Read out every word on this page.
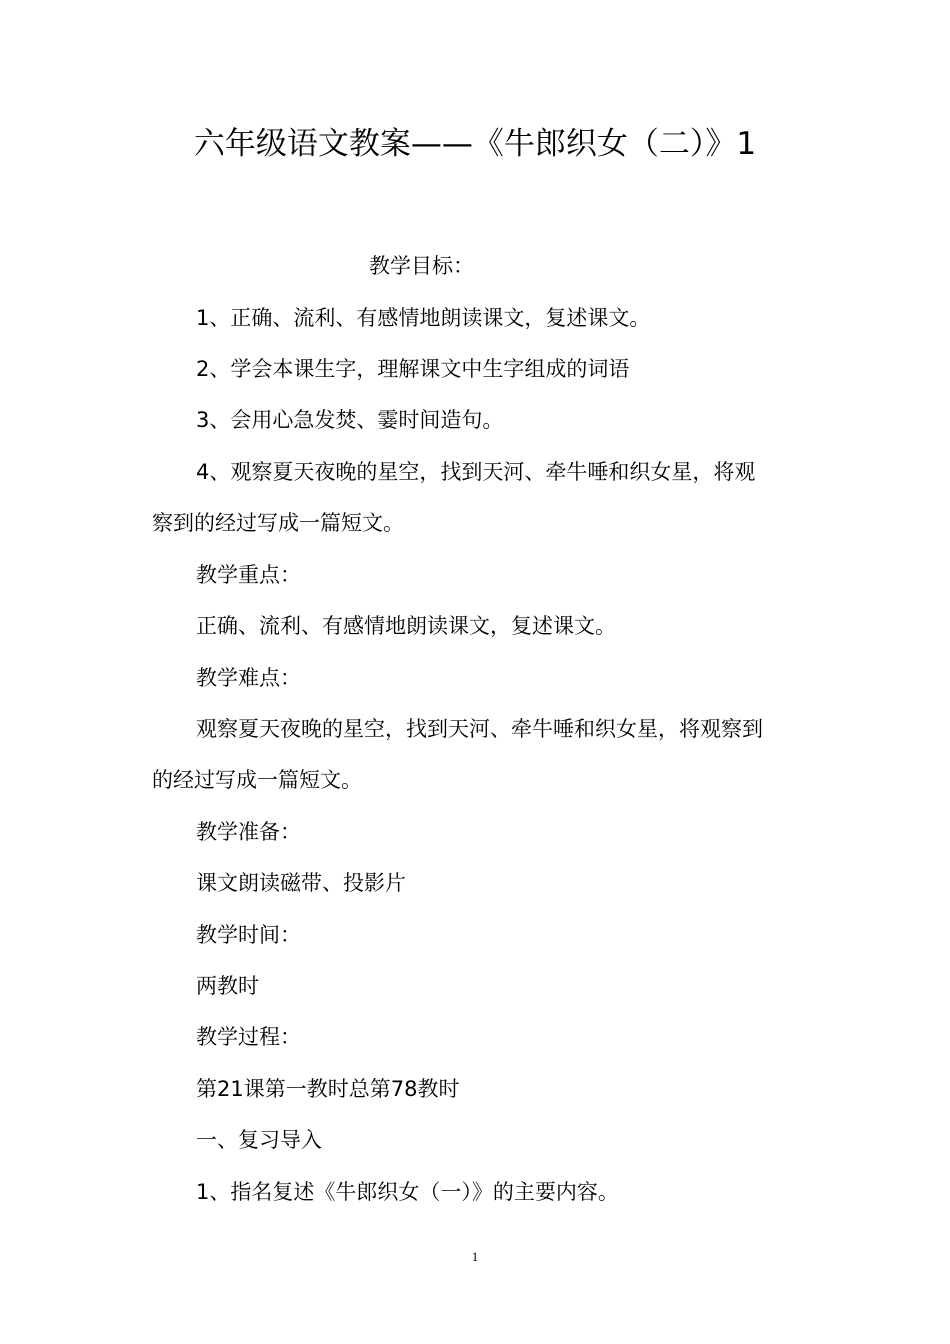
六年级语文教案——《牛郎织女（二）》1
教学目标：
1、正确、流利、有感情地朗读课文，复述课文。
2、学会本课生字，理解课文中生字组成的词语
3、会用心急发焚、霎时间造句。
4、观察夏天夜晚的星空，找到天河、牵牛唾和织女星，将观
察到的经过写成一篇短文。
教学重点：
正确、流利、有感情地朗读课文，复述课文。
教学难点：
观察夏天夜晚的星空，找到天河、牵牛唾和织女星，将观察到
的经过写成一篇短文。
教学准备：
课文朗读磁带、投影片
教学时间：
两教时
教学过程：
第21课第一教时总第78教时
一、复习导入
1、指名复述《牛郎织女（一）》的主要内容。
1
